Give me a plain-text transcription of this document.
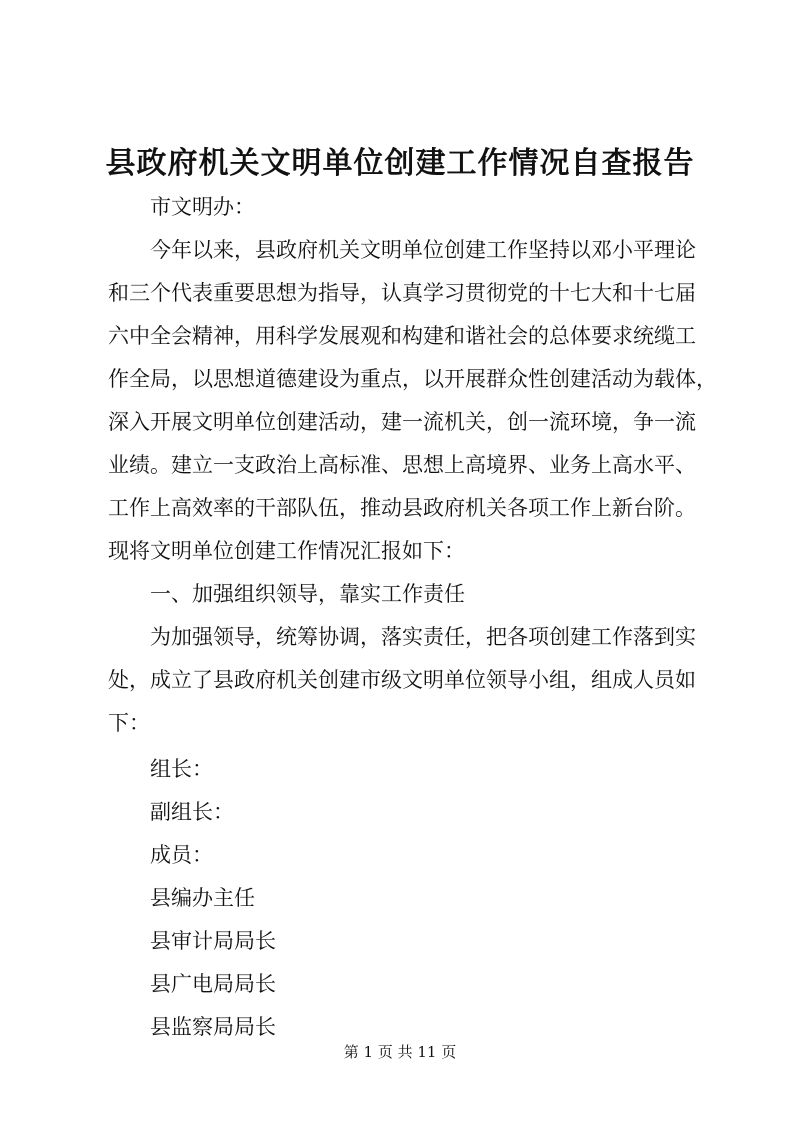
县政府机关文明单位创建工作情况自查报告

市文明办：

今年以来，县政府机关文明单位创建工作坚持以邓小平理论
和三个代表重要思想为指导，认真学习贯彻党的十七大和十七届
六中全会精神，用科学发展观和构建和谐社会的总体要求统缆工
作全局，以思想道德建设为重点，以开展群众性创建活动为载体，
深入开展文明单位创建活动，建一流机关，创一流环境，争一流
业绩。建立一支政治上高标准、思想上高境界、业务上高水平、
工作上高效率的干部队伍，推动县政府机关各项工作上新台阶。
现将文明单位创建工作情况汇报如下：

一、加强组织领导，靠实工作责任

为加强领导，统筹协调，落实责任，把各项创建工作落到实
处，成立了县政府机关创建市级文明单位领导小组，组成人员如
下：

组长：

副组长：

成员：

县编办主任

县审计局局长

县广电局局长

县监察局局长

第 1 页 共 11 页
